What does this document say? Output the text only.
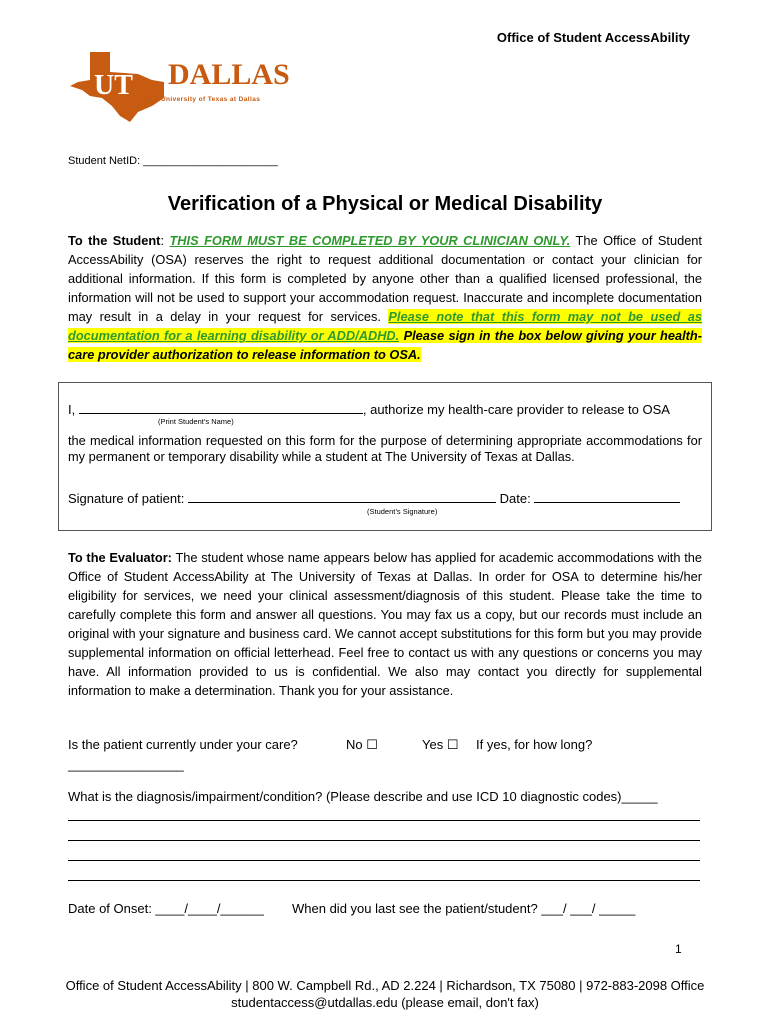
Office of Student AccessAbility
UT DALLAS
The University of Texas at Dallas
Student NetID: ______________________
Verification of a Physical or Medical Disability
To the Student: THIS FORM MUST BE COMPLETED BY YOUR CLINICIAN ONLY. The Office of Student AccessAbility (OSA) reserves the right to request additional documentation or contact your clinician for additional information. If this form is completed by anyone other than a qualified licensed professional, the information will not be used to support your accommodation request. Inaccurate and incomplete documentation may result in a delay in your request for services. Please note that this form may not be used as documentation for a learning disability or ADD/ADHD. Please sign in the box below giving your health-care provider authorization to release information to OSA.
I,	, authorize my health-care provider to release to OSA
(Print Student’s Name)
the medical information requested on this form for the purpose of determining appropriate accommodations for my permanent or temporary disability while a student at The University of Texas at Dallas.
Signature of patient:	Date:
(Student’s Signature)
To the Evaluator: The student whose name appears below has applied for academic accommodations with the Office of Student AccessAbility at The University of Texas at Dallas. In order for OSA to determine his/her eligibility for services, we need your clinical assessment/diagnosis of this student. Please take the time to carefully complete this form and answer all questions. You may fax us a copy, but our records must include an original with your signature and business card. We cannot accept substitutions for this form but you may provide supplemental information on official letterhead. Feel free to contact us with any questions or concerns you may have. All information provided to us is confidential. We also may contact you directly for supplemental information to make a determination. Thank you for your assistance.
Is the patient currently under your care?	No ☐	Yes ☐ If yes, for how long?
________________
What is the diagnosis/impairment/condition? (Please describe and use ICD 10 diagnostic codes)_____
Date of Onset: ____/____/______ When did you last see the patient/student? ___/ ___/ _____
1
Office of Student AccessAbility | 800 W. Campbell Rd., AD 2.224 | Richardson, TX 75080 | 972-883-2098 Office
studentaccess@utdallas.edu (please email, don't fax)
